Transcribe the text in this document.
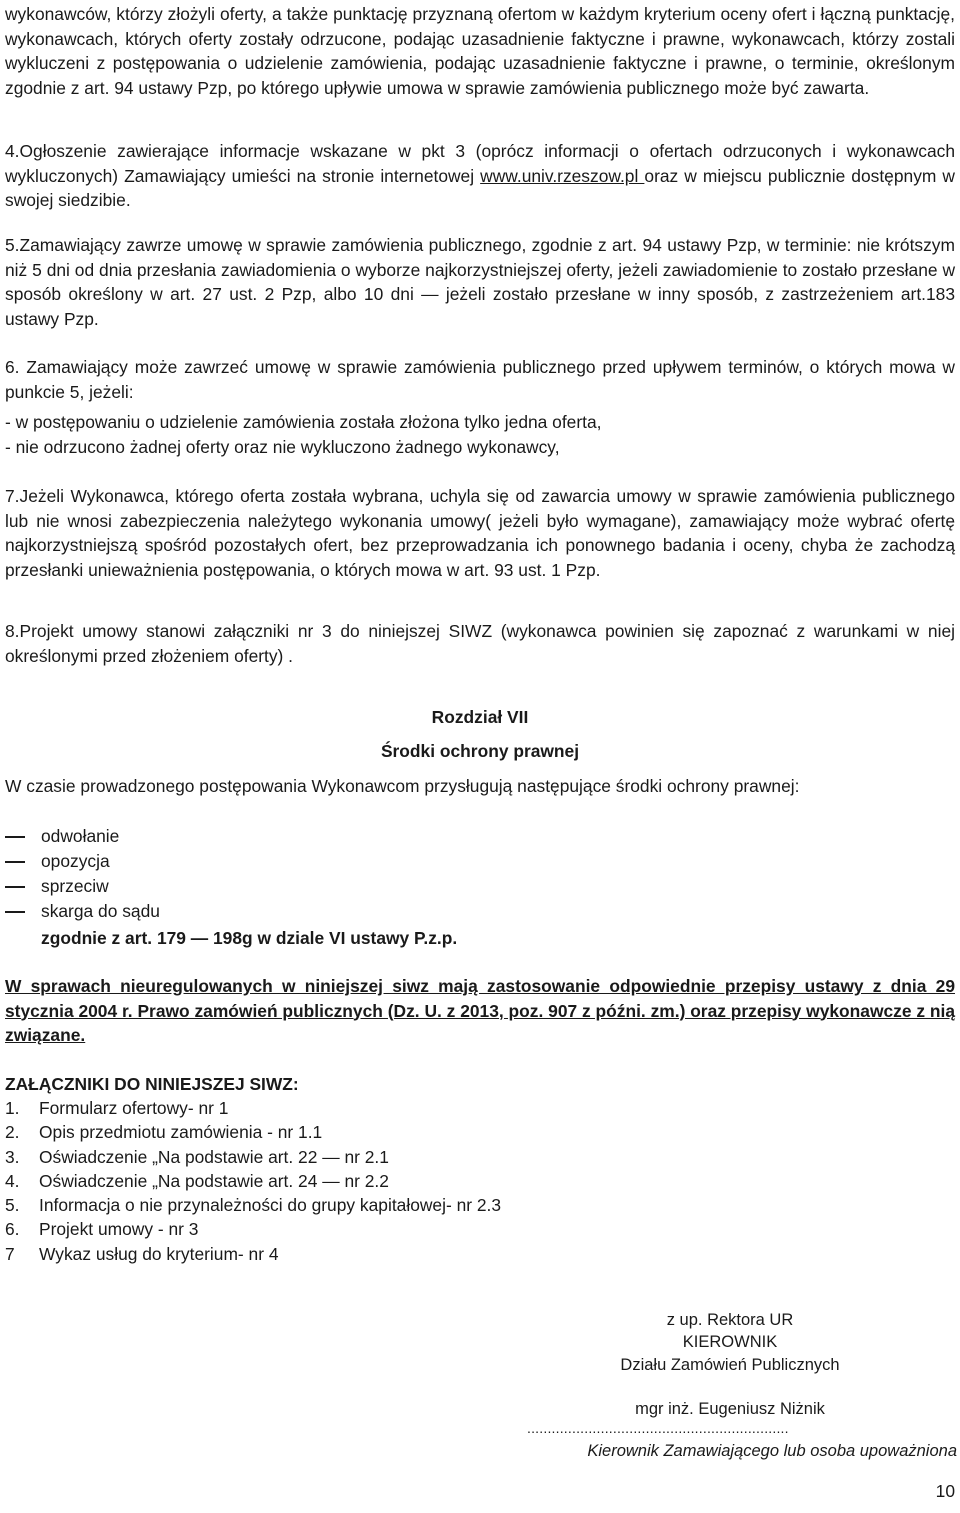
wykonawców, którzy złożyli oferty, a także punktację przyznaną ofertom w każdym kryterium oceny ofert i łączną punktację, wykonawcach, których oferty zostały odrzucone, podając uzasadnienie faktyczne i prawne, wykonawcach, którzy zostali wykluczeni z postępowania o udzielenie zamówienia, podając uzasadnienie faktyczne i prawne, o terminie, określonym zgodnie z art. 94 ustawy Pzp, po którego upływie umowa w sprawie zamówienia publicznego może być zawarta.

4.Ogłoszenie zawierające informacje wskazane w pkt 3 (oprócz informacji o ofertach odrzuconych i wykonawcach wykluczonych) Zamawiający umieści na stronie internetowej www.univ.rzeszow.pl oraz w miejscu publicznie dostępnym w swojej siedzibie.

5.Zamawiający zawrze umowę w sprawie zamówienia publicznego, zgodnie z art. 94 ustawy Pzp, w terminie: nie krótszym niż 5 dni od dnia przesłania zawiadomienia o wyborze najkorzystniejszej oferty, jeżeli zawiadomienie to zostało przesłane w sposób określony w art. 27 ust. 2 Pzp, albo 10 dni — jeżeli zostało przesłane w inny sposób, z zastrzeżeniem art.183 ustawy Pzp.

6. Zamawiający może zawrzeć umowę w sprawie zamówienia publicznego przed upływem terminów, o których mowa w punkcie 5, jeżeli:

- w postępowaniu o udzielenie zamówienia została złożona tylko jedna oferta,

- nie odrzucono żadnej oferty oraz nie wykluczono żadnego wykonawcy,

7.Jeżeli Wykonawca, którego oferta została wybrana, uchyla się od zawarcia umowy w sprawie zamówienia publicznego lub nie wnosi zabezpieczenia należytego wykonania umowy( jeżeli było wymagane), zamawiający może wybrać ofertę najkorzystniejszą spośród pozostałych ofert, bez przeprowadzania ich ponownego badania i oceny, chyba że zachodzą przesłanki unieważnienia postępowania, o których mowa w art. 93 ust. 1 Pzp.

8.Projekt umowy stanowi załączniki nr 3 do niniejszej SIWZ (wykonawca powinien się zapoznać z warunkami w niej określonymi przed złożeniem oferty) .

Rozdział VII

Środki ochrony prawnej

W czasie prowadzonego postępowania Wykonawcom przysługują następujące środki ochrony prawnej:

odwołanie
opozycja
sprzeciw
skarga do sądu

zgodnie z art. 179 — 198g w dziale VI ustawy P.z.p.

W sprawach nieuregulowanych w niniejszej siwz mają zastosowanie odpowiednie przepisy ustawy z dnia 29 stycznia 2004 r. Prawo zamówień publicznych (Dz. U. z 2013, poz. 907 z późni. zm.) oraz przepisy wykonawcze z nią związane.

ZAŁĄCZNIKI DO NINIEJSZEJ SIWZ:

1. Formularz ofertowy- nr 1
2. Opis przedmiotu zamówienia - nr 1.1
3. Oświadczenie „Na podstawie art. 22 — nr 2.1
4. Oświadczenie „Na podstawie art. 24 — nr 2.2
5. Informacja o nie przynależności do grupy kapitałowej- nr 2.3
6. Projekt umowy - nr 3
7 Wykaz usług do kryterium- nr 4
z up. Rektora UR
KIEROWNIK
Działu Zamówień Publicznych
mgr inż. Eugeniusz Niżnik
................................................................
Kierownik Zamawiającego lub osoba upoważniona
10
